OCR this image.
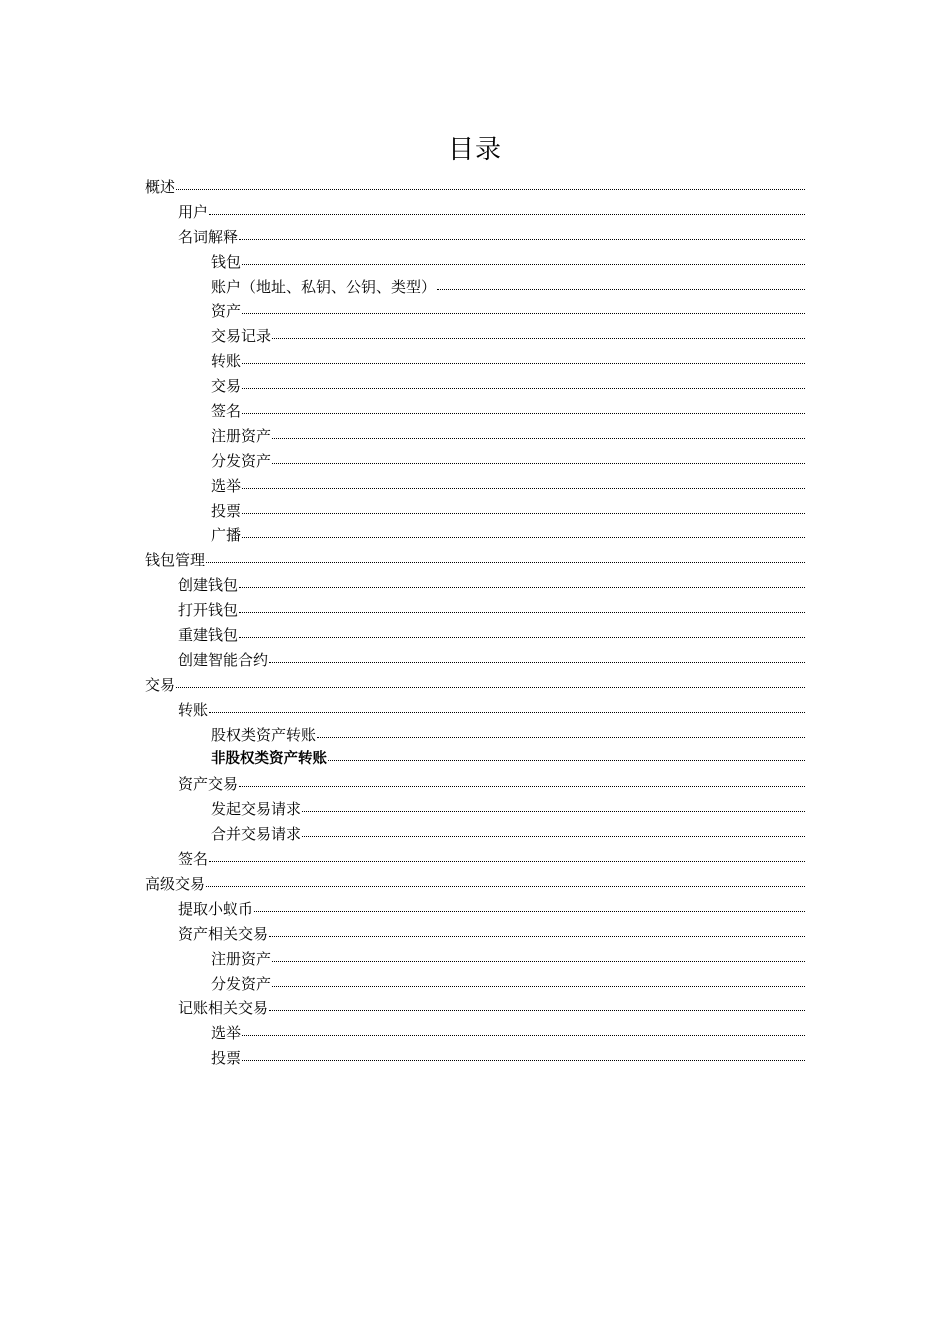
目录
概述
用户
名词解释
钱包
账户（地址、私钥、公钥、类型）
资产
交易记录
转账
交易
签名
注册资产
分发资产
选举
投票
广播
钱包管理
创建钱包
打开钱包
重建钱包
创建智能合约
交易
转账
股权类资产转账
非股权类资产转账
资产交易
发起交易请求
合并交易请求
签名
高级交易
提取小蚁币
资产相关交易
注册资产
分发资产
记账相关交易
选举
投票
